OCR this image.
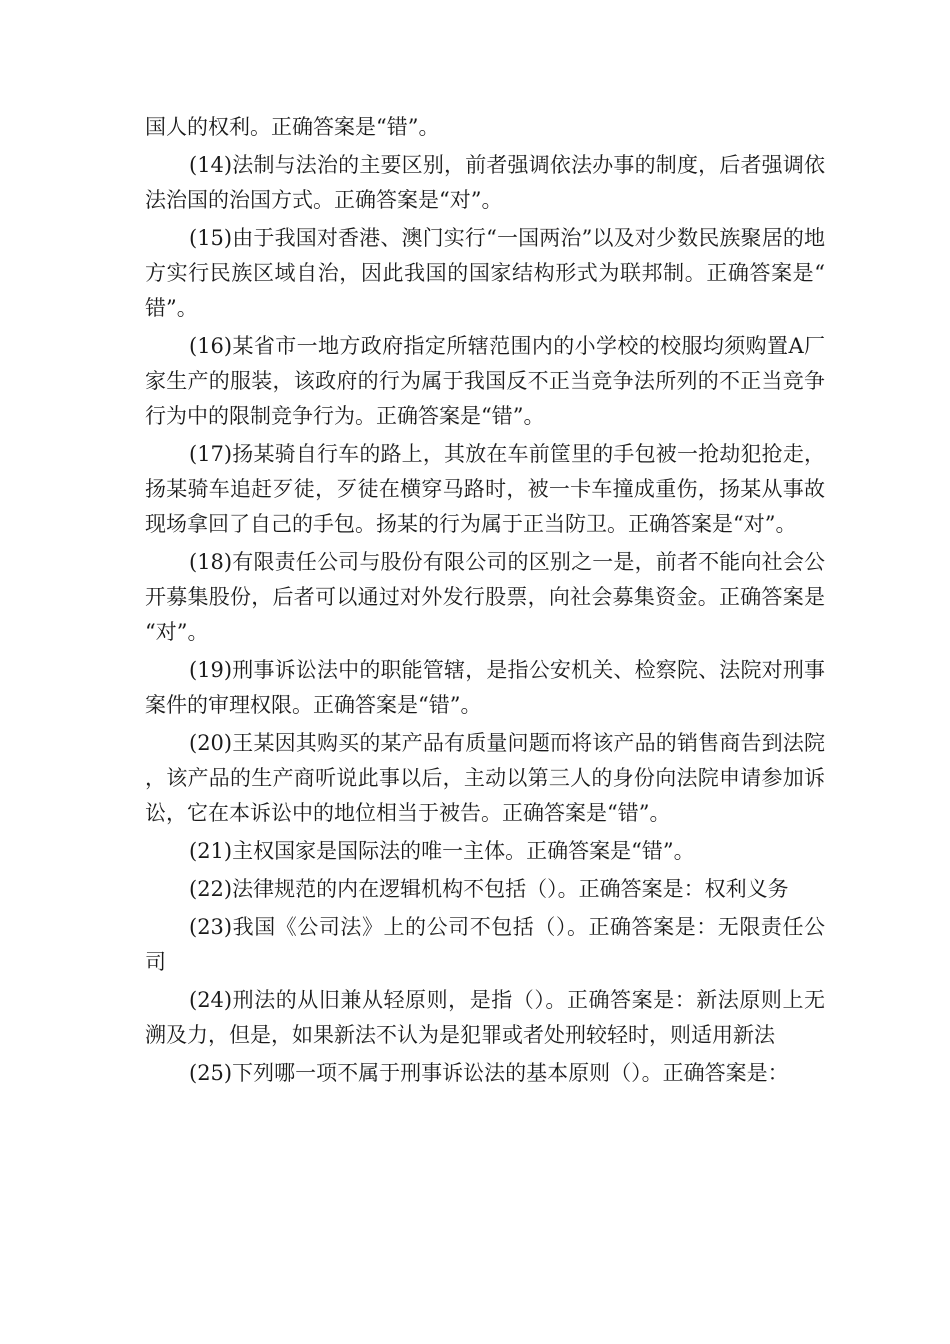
国人的权利。正确答案是“错”。

(14)法制与法治的主要区别，前者强调依法办事的制度，后者强调依法治国的治国方式。正确答案是“对”。

(15)由于我国对香港、澳门实行“一国两治”以及对少数民族聚居的地方实行民族区域自治，因此我国的国家结构形式为联邦制。正确答案是“错”。

(16)某省市一地方政府指定所辖范围内的小学校的校服均须购置A厂家生产的服装，该政府的行为属于我国反不正当竞争法所列的不正当竞争行为中的限制竞争行为。正确答案是“错”。

(17)扬某骑自行车的路上，其放在车前筐里的手包被一抢劫犯抢走，扬某骑车追赶歹徒，歹徒在横穿马路时，被一卡车撞成重伤，扬某从事故现场拿回了自己的手包。扬某的行为属于正当防卫。正确答案是“对”。

(18)有限责任公司与股份有限公司的区别之一是，前者不能向社会公开募集股份，后者可以通过对外发行股票，向社会募集资金。正确答案是“对”。

(19)刑事诉讼法中的职能管辖，是指公安机关、检察院、法院对刑事案件的审理权限。正确答案是“错”。

(20)王某因其购买的某产品有质量问题而将该产品的销售商告到法院，该产品的生产商听说此事以后，主动以第三人的身份向法院申请参加诉讼，它在本诉讼中的地位相当于被告。正确答案是“错”。

(21)主权国家是国际法的唯一主体。正确答案是“错”。

(22)法律规范的内在逻辑机构不包括（）。正确答案是：权利义务

(23)我国《公司法》上的公司不包括（）。正确答案是：无限责任公司

(24)刑法的从旧兼从轻原则，是指（）。正确答案是：新法原则上无溯及力，但是，如果新法不认为是犯罪或者处刑较轻时，则适用新法

(25)下列哪一项不属于刑事诉讼法的基本原则（）。正确答案是：
